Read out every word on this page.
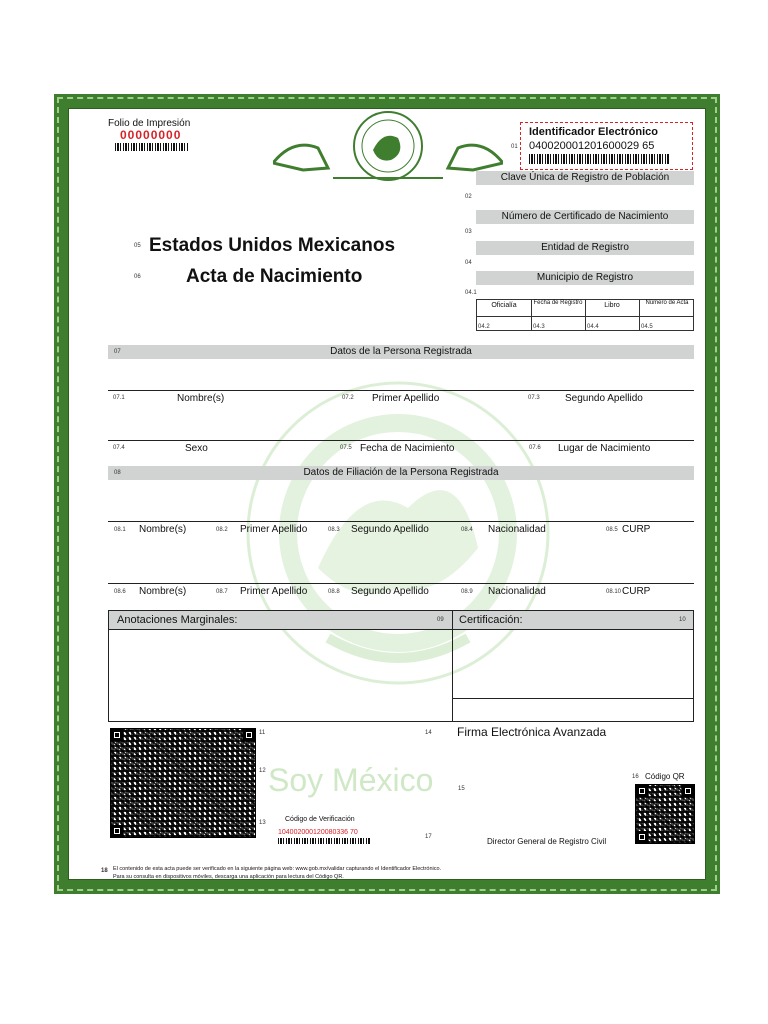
Folio de Impresión
00000000
01
Identificador Electrónico
040020001201600029 65
Clave Única de Registro de Población
02
Número de Certificado de Nacimiento
03
Entidad de Registro
04
Municipio de Registro
04.1
Oficialía	Fecha de Registro	Libro	Número de Acta
04.2	04.3	04.4	04.5
05 Estados Unidos Mexicanos
06 Acta de Nacimiento
Datos de la Persona Registrada
07
07.1	Nombre(s)	07.2 Primer Apellido	07.3	Segundo Apellido
07.4	Sexo	07.5 Fecha de Nacimiento	07.6 Lugar de Nacimiento
Datos de Filiación de la Persona Registrada
08
08.1 Nombre(s)	08.2 Primer Apellido	08.3 Segundo Apellido	08.4 Nacionalidad	08.5 CURP
08.6 Nombre(s)	08.7 Primer Apellido	08.8 Segundo Apellido	08.9 Nacionalidad	08.10 CURP
Anotaciones Marginales:	09 Certificación:	10
11
12
13
Soy México
Código de Verificación
104002000120080336 70
14 Firma Electrónica Avanzada
15
16 Código QR
17	Director General de Registro Civil
18 El contenido de esta acta puede ser verificado en la siguiente página web: www.gob.mx/validar capturando el Identificador Electrónico.
Para su consulta en dispositivos móviles, descarga una aplicación para lectura del Código QR.
